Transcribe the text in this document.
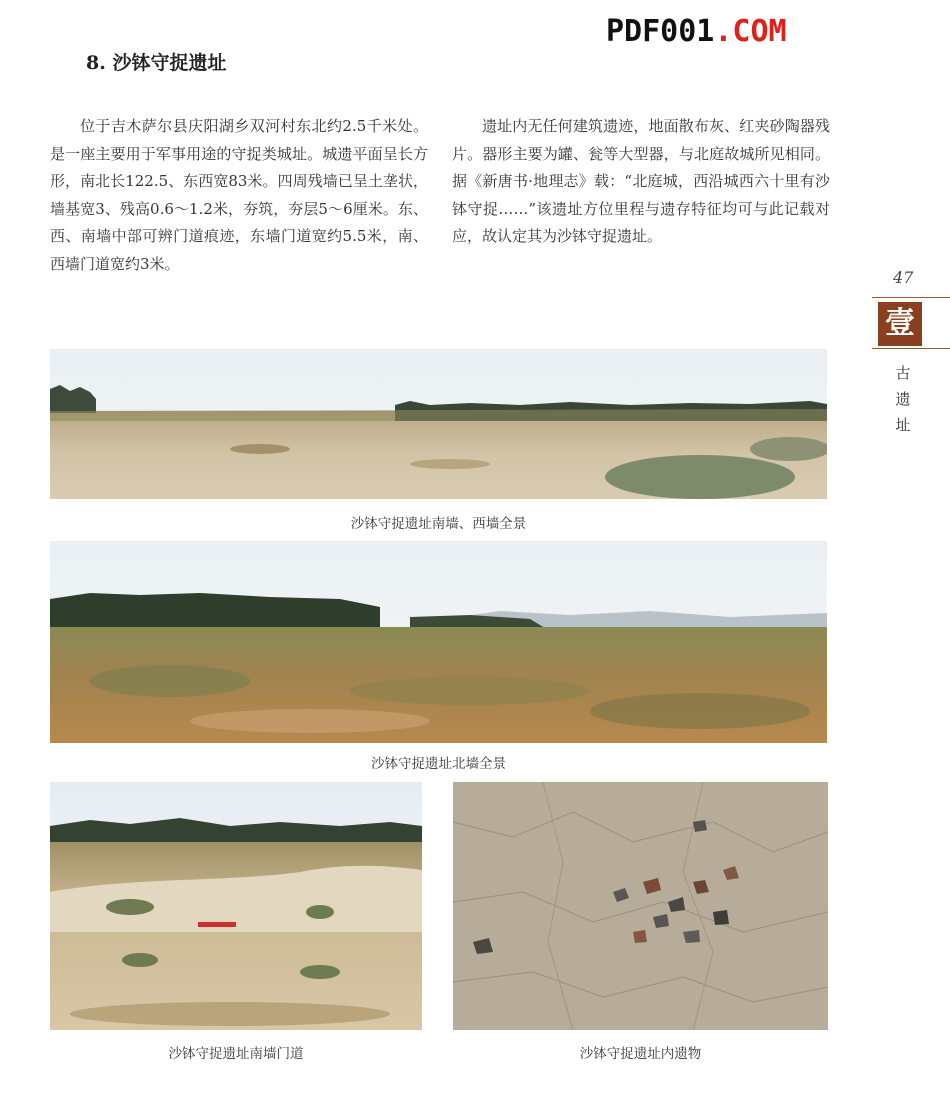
PDF001.COM
8. 沙钵守捉遗址

位于吉木萨尔县庆阳湖乡双河村东北约2.5千米处。是一座主要用于军事用途的守捉类城址。城遗平面呈长方形，南北长122.5、东西宽83米。四周残墙已呈土垄状，墙基宽3、残高0.6～1.2米，夯筑，夯层5～6厘米。东、西、南墙中部可辨门道痕迹，东墙门道宽约5.5米，南、西墙门道宽约3米。

遗址内无任何建筑遗迹，地面散布灰、红夹砂陶器残片。器形主要为罐、瓮等大型器，与北庭故城所见相同。据《新唐书·地理志》载：“北庭城，西沿城西六十里有沙钵守捉……”该遗址方位里程与遗存特征均可与此记载对应，故认定其为沙钵守捉遗址。

47
壹
古遗址
沙钵守捉遗址南墙、西墙全景
沙钵守捉遗址北墙全景
沙钵守捉遗址南墙门道	沙钵守捉遗址内遗物
